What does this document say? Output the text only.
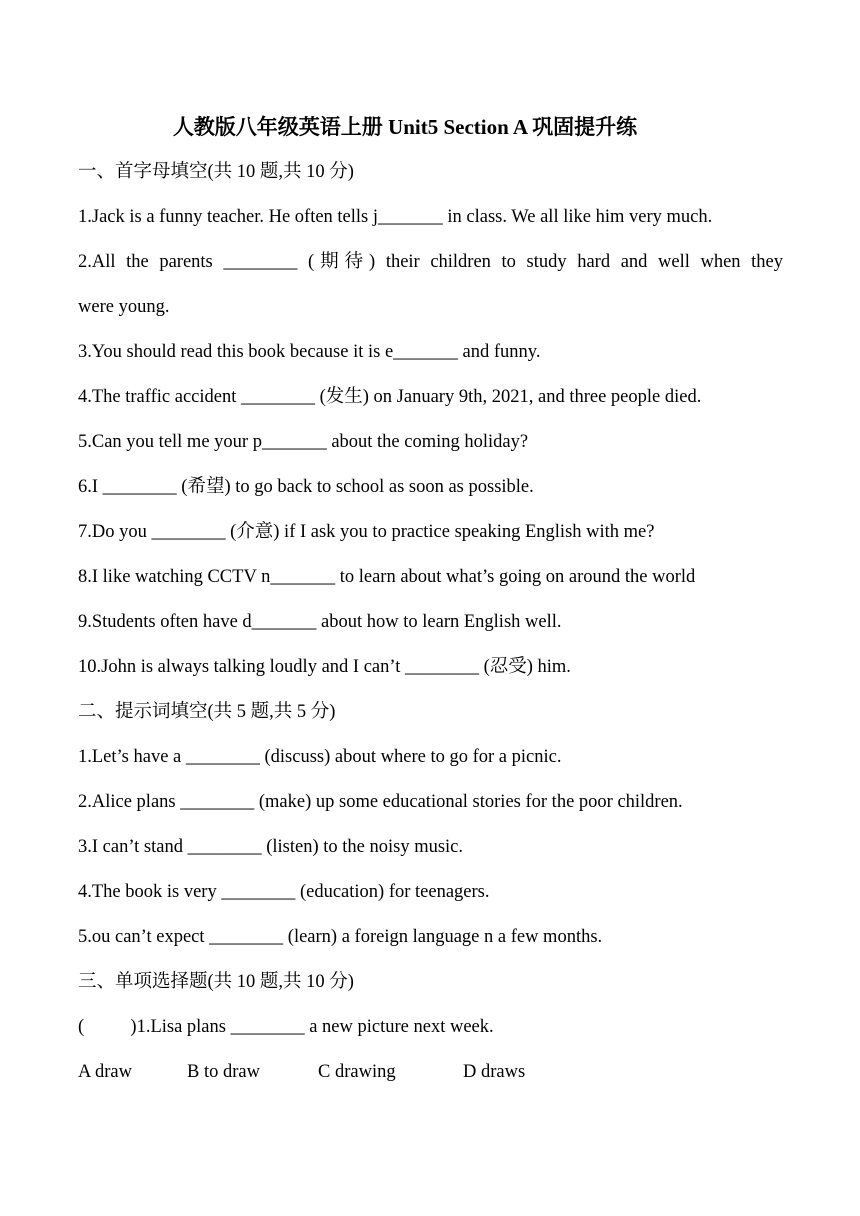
人教版八年级英语上册 Unit5 Section A 巩固提升练
一、首字母填空(共 10 题,共 10 分)
1.Jack is a funny teacher. He often tells j_______ in class. We all like him very much.
2.All the parents ________ (期待) their children to study hard and well when they
were young.
3.You should read this book because it is e_______ and funny.
4.The traffic accident ________ (发生) on January 9th, 2021, and three people died.
5.Can you tell me your p_______ about the coming holiday?
6.I ________ (希望) to go back to school as soon as possible.
7.Do you ________ (介意) if I ask you to practice speaking English with me?
8.I like watching CCTV n_______ to learn about what’s going on around the world
9.Students often have d_______ about how to learn English well.
10.John is always talking loudly and I can’t ________ (忍受) him.
二、提示词填空(共 5 题,共 5 分)
1.Let’s have a ________ (discuss) about where to go for a picnic.
2.Alice plans ________ (make) up some educational stories for the poor children.
3.I can’t stand ________ (listen) to the noisy music.
4.The book is very ________ (education) for teenagers.
5.ou can’t expect ________ (learn) a foreign language n a few months.
三、单项选择题(共 10 题,共 10 分)
(          )1.Lisa plans ________ a new picture next week.
A draw	B to draw	C drawing	D draws
